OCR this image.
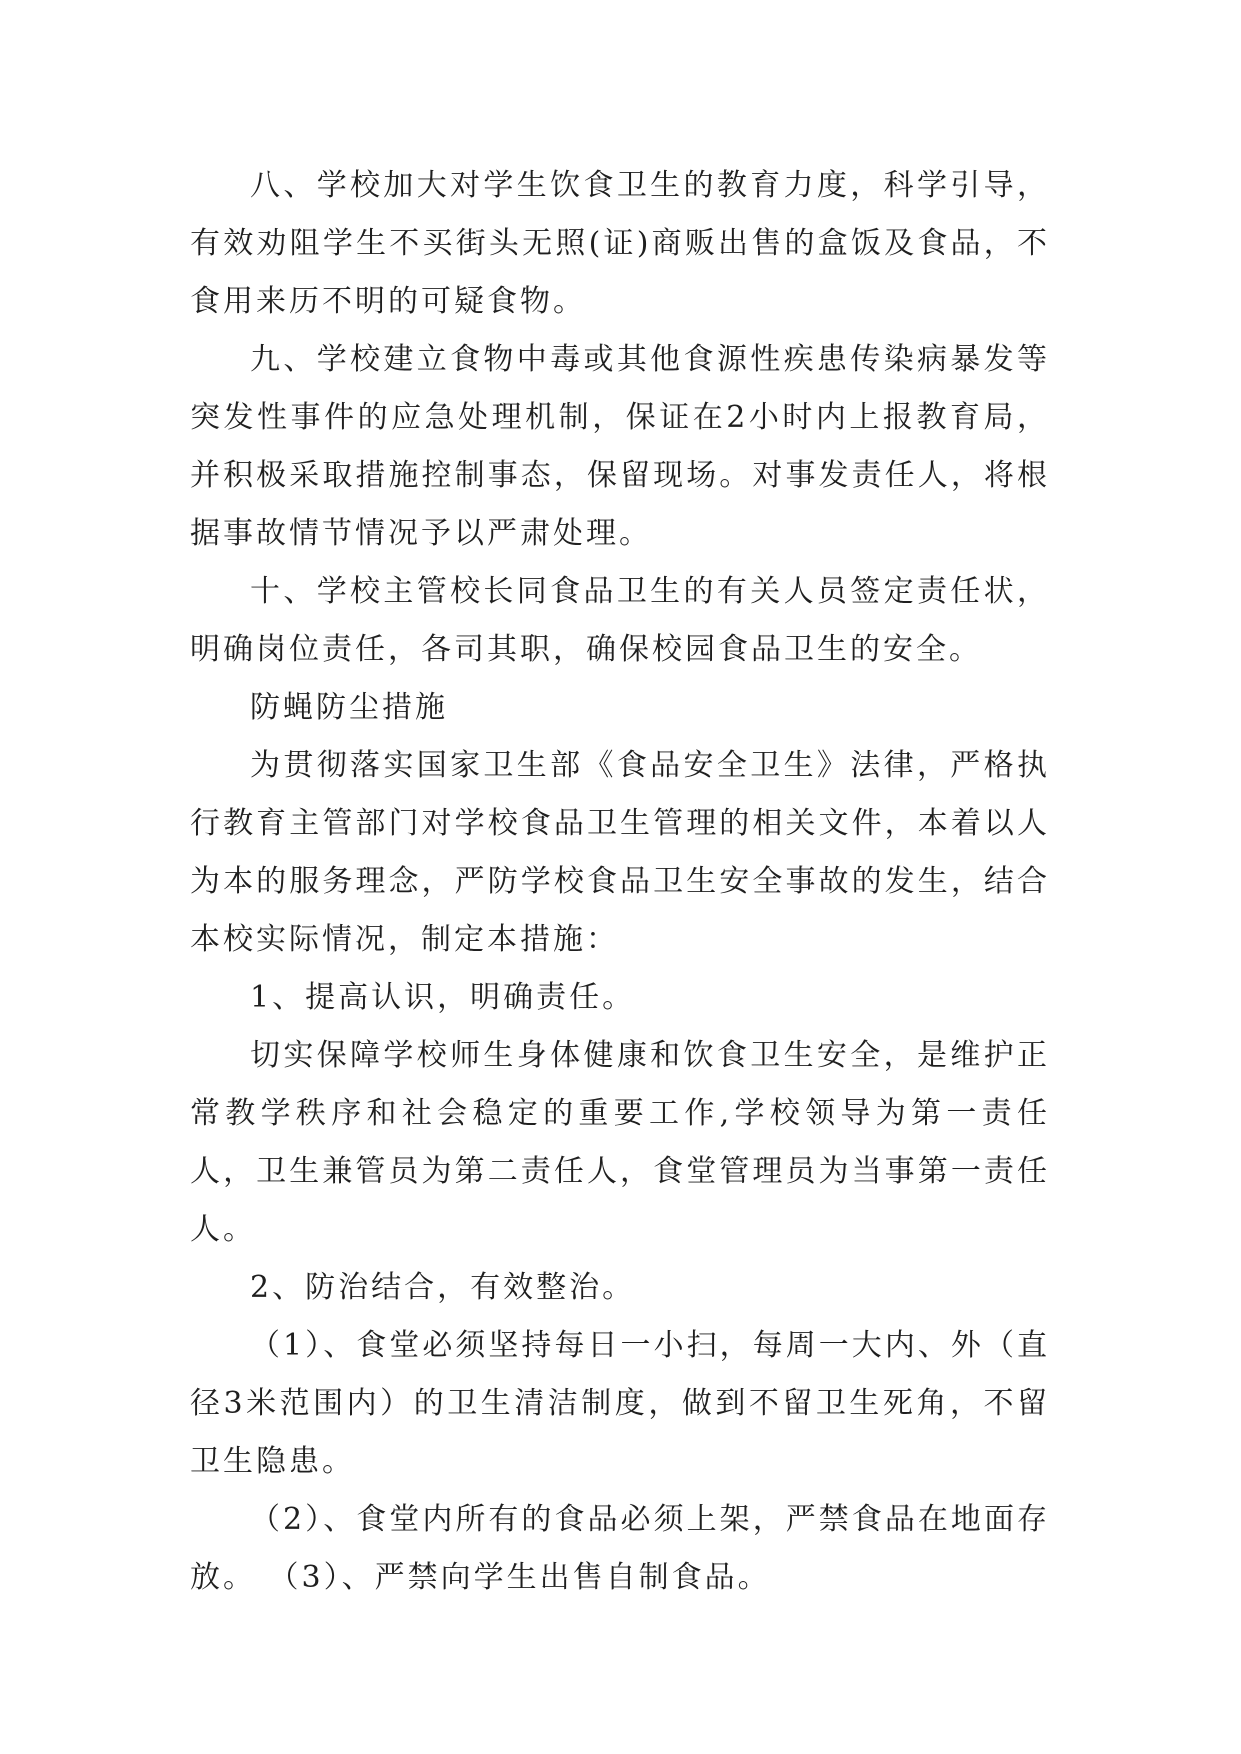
八、学校加大对学生饮食卫生的教育力度，科学引导，有效劝阻学生不买街头无照(证)商贩出售的盒饭及食品，不食用来历不明的可疑食物。

九、学校建立食物中毒或其他食源性疾患传染病暴发等突发性事件的应急处理机制，保证在2小时内上报教育局，并积极采取措施控制事态，保留现场。对事发责任人，将根据事故情节情况予以严肃处理。

十、学校主管校长同食品卫生的有关人员签定责任状，明确岗位责任，各司其职，确保校园食品卫生的安全。

防蝇防尘措施

为贯彻落实国家卫生部《食品安全卫生》法律，严格执行教育主管部门对学校食品卫生管理的相关文件，本着以人为本的服务理念，严防学校食品卫生安全事故的发生，结合本校实际情况，制定本措施：

1、提高认识，明确责任。

切实保障学校师生身体健康和饮食卫生安全，是维护正常教学秩序和社会稳定的重要工作,学校领导为第一责任人，卫生兼管员为第二责任人，食堂管理员为当事第一责任人。

2、防治结合，有效整治。

（1）、食堂必须坚持每日一小扫，每周一大内、外（直径3米范围内）的卫生清洁制度，做到不留卫生死角，不留卫生隐患。

（2）、食堂内所有的食品必须上架，严禁食品在地面存放。 （3）、严禁向学生出售自制食品。
